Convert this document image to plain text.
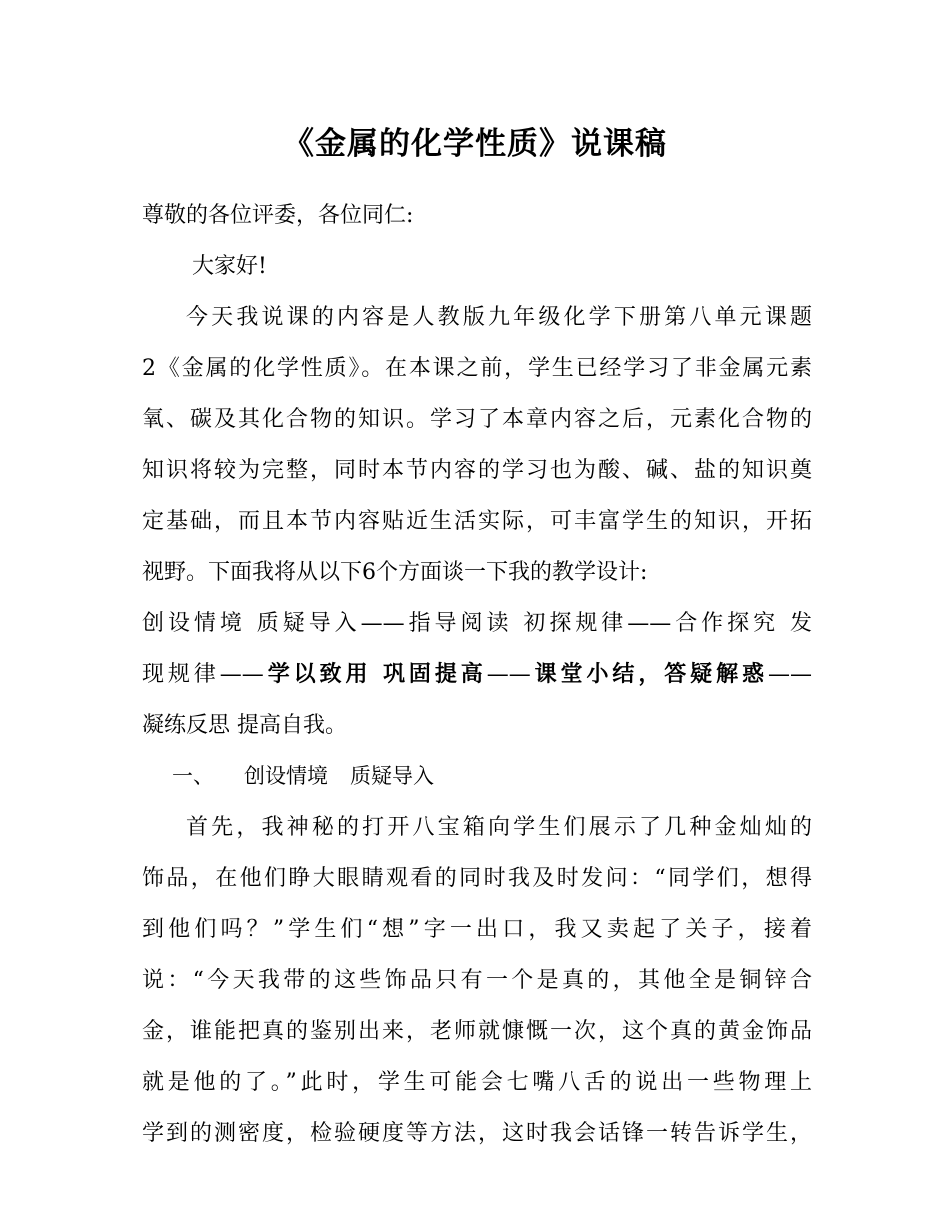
《金属的化学性质》说课稿
尊敬的各位评委，各位同仁:
大家好!
今天我说课的内容是人教版九年级化学下册第八单元课题
2《金属的化学性质》。在本课之前，学生已经学习了非金属元素
氧、碳及其化合物的知识。学习了本章内容之后，元素化合物的
知识将较为完整，同时本节内容的学习也为酸、碱、盐的知识奠
定基础，而且本节内容贴近生活实际，可丰富学生的知识，开拓
视野。下面我将从以下6个方面谈一下我的教学设计:
创设情境 质疑导入——指导阅读 初探规律——合作探究 发
现规律——学以致用 巩固提高——课堂小结，答疑解惑——
凝练反思 提高自我。
一、 创设情境 质疑导入
首先，我神秘的打开八宝箱向学生们展示了几种金灿灿的
饰品，在他们睁大眼睛观看的同时我及时发问：“同学们，想得
到他们吗？”学生们“想”字一出口，我又卖起了关子，接着
说：“今天我带的这些饰品只有一个是真的，其他全是铜锌合
金，谁能把真的鉴别出来，老师就慷慨一次，这个真的黄金饰品
就是他的了。”此时，学生可能会七嘴八舌的说出一些物理上
学到的测密度，检验硬度等方法，这时我会话锋一转告诉学生，
